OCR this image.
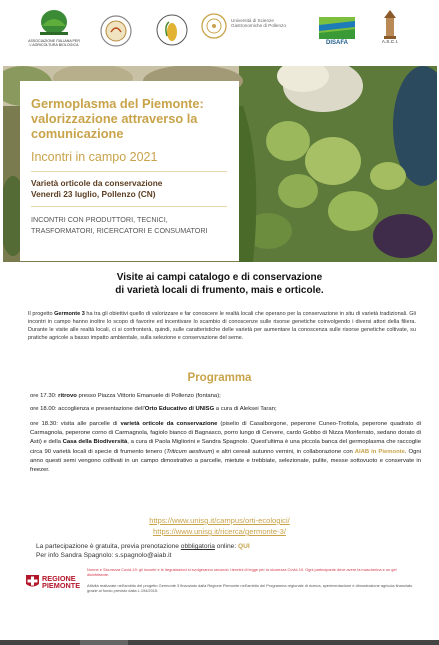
ASSOCIAZIONE ITALIANA PER L'AGRICOLTURA BIOLOGICA
Università di Scienze
Gastronomiche di Pollenzo
DISAFA	A.S.C.I.
Germoplasma del Piemonte: valorizzazione attraverso la comunicazione
Incontri in campo 2021
Varietà orticole da conservazione
Venerdì 23 luglio, Pollenzo (CN)
INCONTRI CON PRODUTTORI, TECNICI, TRASFORMATORI, RICERCATORI E CONSUMATORI
Visite ai campi catalogo e di conservazione
di varietà locali di frumento, mais e orticole.
Il progetto Germonte 3 ha tra gli obiettivi quello di valorizzare e far conoscere le realtà locali che operano per la conservazione in situ di varietà tradizionali. Gli incontri in campo hanno inoltre lo scopo di favorire ed incentivare lo scambio di conoscenze sulle risorse genetiche coinvolgendo i diversi attori della filiera. Durante le visite alle realtà locali, ci si confronterà, quindi, sulle caratteristiche delle varietà per aumentare la conoscenza sulle risorse genetiche coltivate, su pratiche agricole a basso impatto ambientale, sulla selezione e conservazione del seme.
Programma
ore 17.30: ritrovo presso Piazza Vittorio Emanuele di Pollenzo (fontana);
ore 18.00: accoglienza e presentazione dell'Orto Educativo di UNISG a cura di Aleksei Taran;
ore 18.30: visita alle parcelle di varietà orticole da conservazione (piselio di Casalborgone, peperone Cuneo-Trottola, peperone quadrato di Carmagnola, peperone corno di Carmagnola, fagiolo bianco di Bagnasco, porro lungo di Cervere, cardo Gobbo di Nizza Monferrato, sedano dorato di Asti) e della Casa della Biodiversità, a cura di Paola Migliorini e Sandra Spagnolo. Quest'ultima è una piccola banca del germoplasma che raccoglie circa 90 varietà locali di specie di frumento tenero (Triticum aestivum) e altri cereali autunno vernini, in collaborazione con AIAB in Piemonte. Ogni anno questi semi vengono coltivati in un campo dimostrativo a parcelle, mietute e trebbiate, selezionate, pulite, messe sottovuoto e conservate in freezer.
https://www.unisg.it/campus/orti-ecologici/
https://www.unisg.it/ricerca/germonte-3/
La partecipazione è gratuita, previa prenotazione obbligatoria online: QUI
Per info Sandra Spagnolo: s.spagnolo@aiab.it
REGIONE
PIEMONTE
Norme e Sicurezza Covid-19: gli incontri e le degustazioni si svolgeranno secondo i termini di legge per la sicurezza Covid-19. Ogni partecipante deve avere la mascherina e un gel disinfettante.
Attività realizzate nell'ambito del progetto Germonte 3 finanziato dalla Regione Piemonte nell'ambito del Programma regionale di ricerca, sperimentazione e dimostrazione agricola finanziato grazie al fondo previsto dalla L.194/2015.
